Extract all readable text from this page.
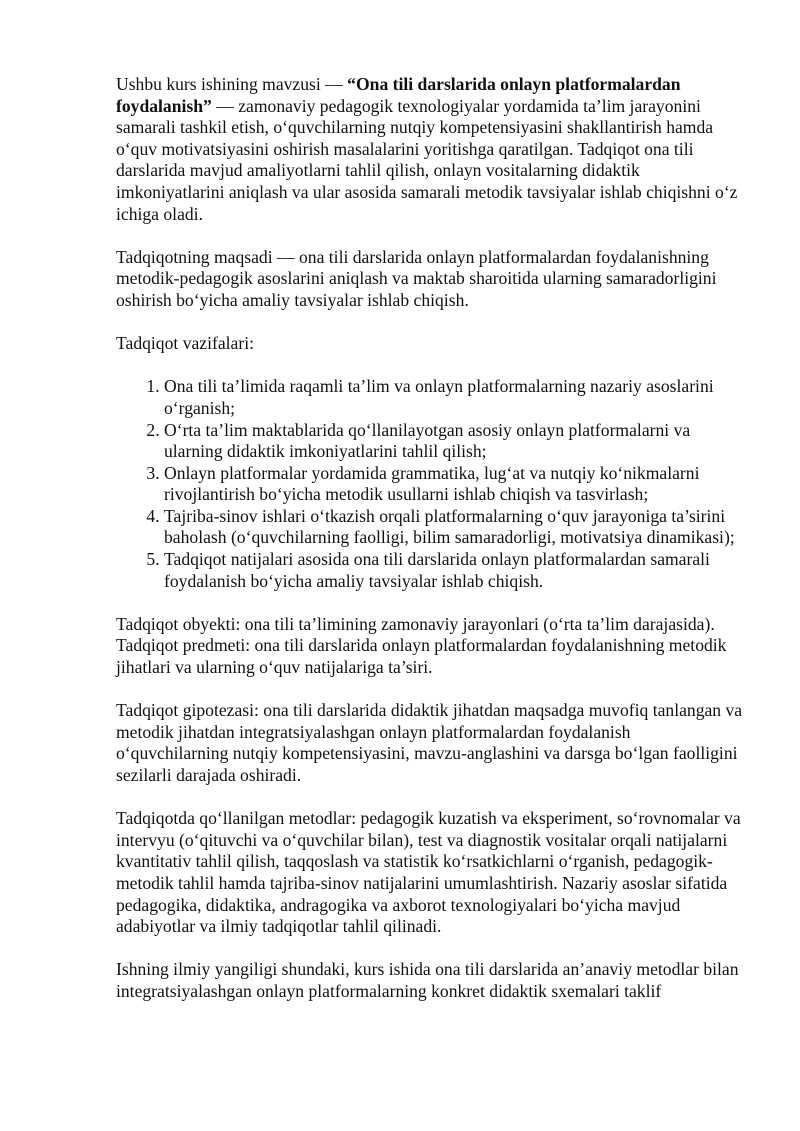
Ushbu kurs ishining mavzusi — “Ona tili darslarida onlayn platformalardan foydalanish” — zamonaviy pedagogik texnologiyalar yordamida ta’lim jarayonini samarali tashkil etish, o‘quvchilarning nutqiy kompetensiyasini shakllantirish hamda o‘quv motivatsiyasini oshirish masalalarini yoritishga qaratilgan. Tadqiqot ona tili darslarida mavjud amaliyotlarni tahlil qilish, onlayn vositalarning didaktik imkoniyatlarini aniqlash va ular asosida samarali metodik tavsiyalar ishlab chiqishni o‘z ichiga oladi.

Tadqiqotning maqsadi — ona tili darslarida onlayn platformalardan foydalanishning metodik-pedagogik asoslarini aniqlash va maktab sharoitida ularning samaradorligini oshirish bo‘yicha amaliy tavsiyalar ishlab chiqish.

Tadqiqot vazifalari:

1. Ona tili ta’limida raqamli ta’lim va onlayn platformalarning nazariy asoslarini o‘rganish;
2. O‘rta ta’lim maktablarida qo‘llanilayotgan asosiy onlayn platformalarni va ularning didaktik imkoniyatlarini tahlil qilish;
3. Onlayn platformalar yordamida grammatika, lug‘at va nutqiy ko‘nikmalarni rivojlantirish bo‘yicha metodik usullarni ishlab chiqish va tasvirlash;
4. Tajriba-sinov ishlari o‘tkazish orqali platformalarning o‘quv jarayoniga ta’sirini baholash (o‘quvchilarning faolligi, bilim samaradorligi, motivatsiya dinamikasi);
5. Tadqiqot natijalari asosida ona tili darslarida onlayn platformalardan samarali foydalanish bo‘yicha amaliy tavsiyalar ishlab chiqish.

Tadqiqot obyekti: ona tili ta’limining zamonaviy jarayonlari (o‘rta ta’lim darajasida).

Tadqiqot predmeti: ona tili darslarida onlayn platformalardan foydalanishning metodik jihatlari va ularning o‘quv natijalariga ta’siri.

Tadqiqot gipotezasi: ona tili darslarida didaktik jihatdan maqsadga muvofiq tanlangan va metodik jihatdan integratsiyalashgan onlayn platformalardan foydalanish o‘quvchilarning nutqiy kompetensiyasini, mavzu-anglashini va darsga bo‘lgan faolligini sezilarli darajada oshiradi.

Tadqiqotda qo‘llanilgan metodlar: pedagogik kuzatish va eksperiment, so‘rovnomalar va intervyu (o‘qituvchi va o‘quvchilar bilan), test va diagnostik vositalar orqali natijalarni kvantitativ tahlil qilish, taqqoslash va statistik ko‘rsatkichlarni o‘rganish, pedagogik-metodik tahlil hamda tajriba-sinov natijalarini umumlashtirish. Nazariy asoslar sifatida pedagogika, didaktika, andragogika va axborot texnologiyalari bo‘yicha mavjud adabiyotlar va ilmiy tadqiqotlar tahlil qilinadi.

Ishning ilmiy yangiligi shundaki, kurs ishida ona tili darslarida an’anaviy metodlar bilan integratsiyalashgan onlayn platformalarning konkret didaktik sxemalari taklif
